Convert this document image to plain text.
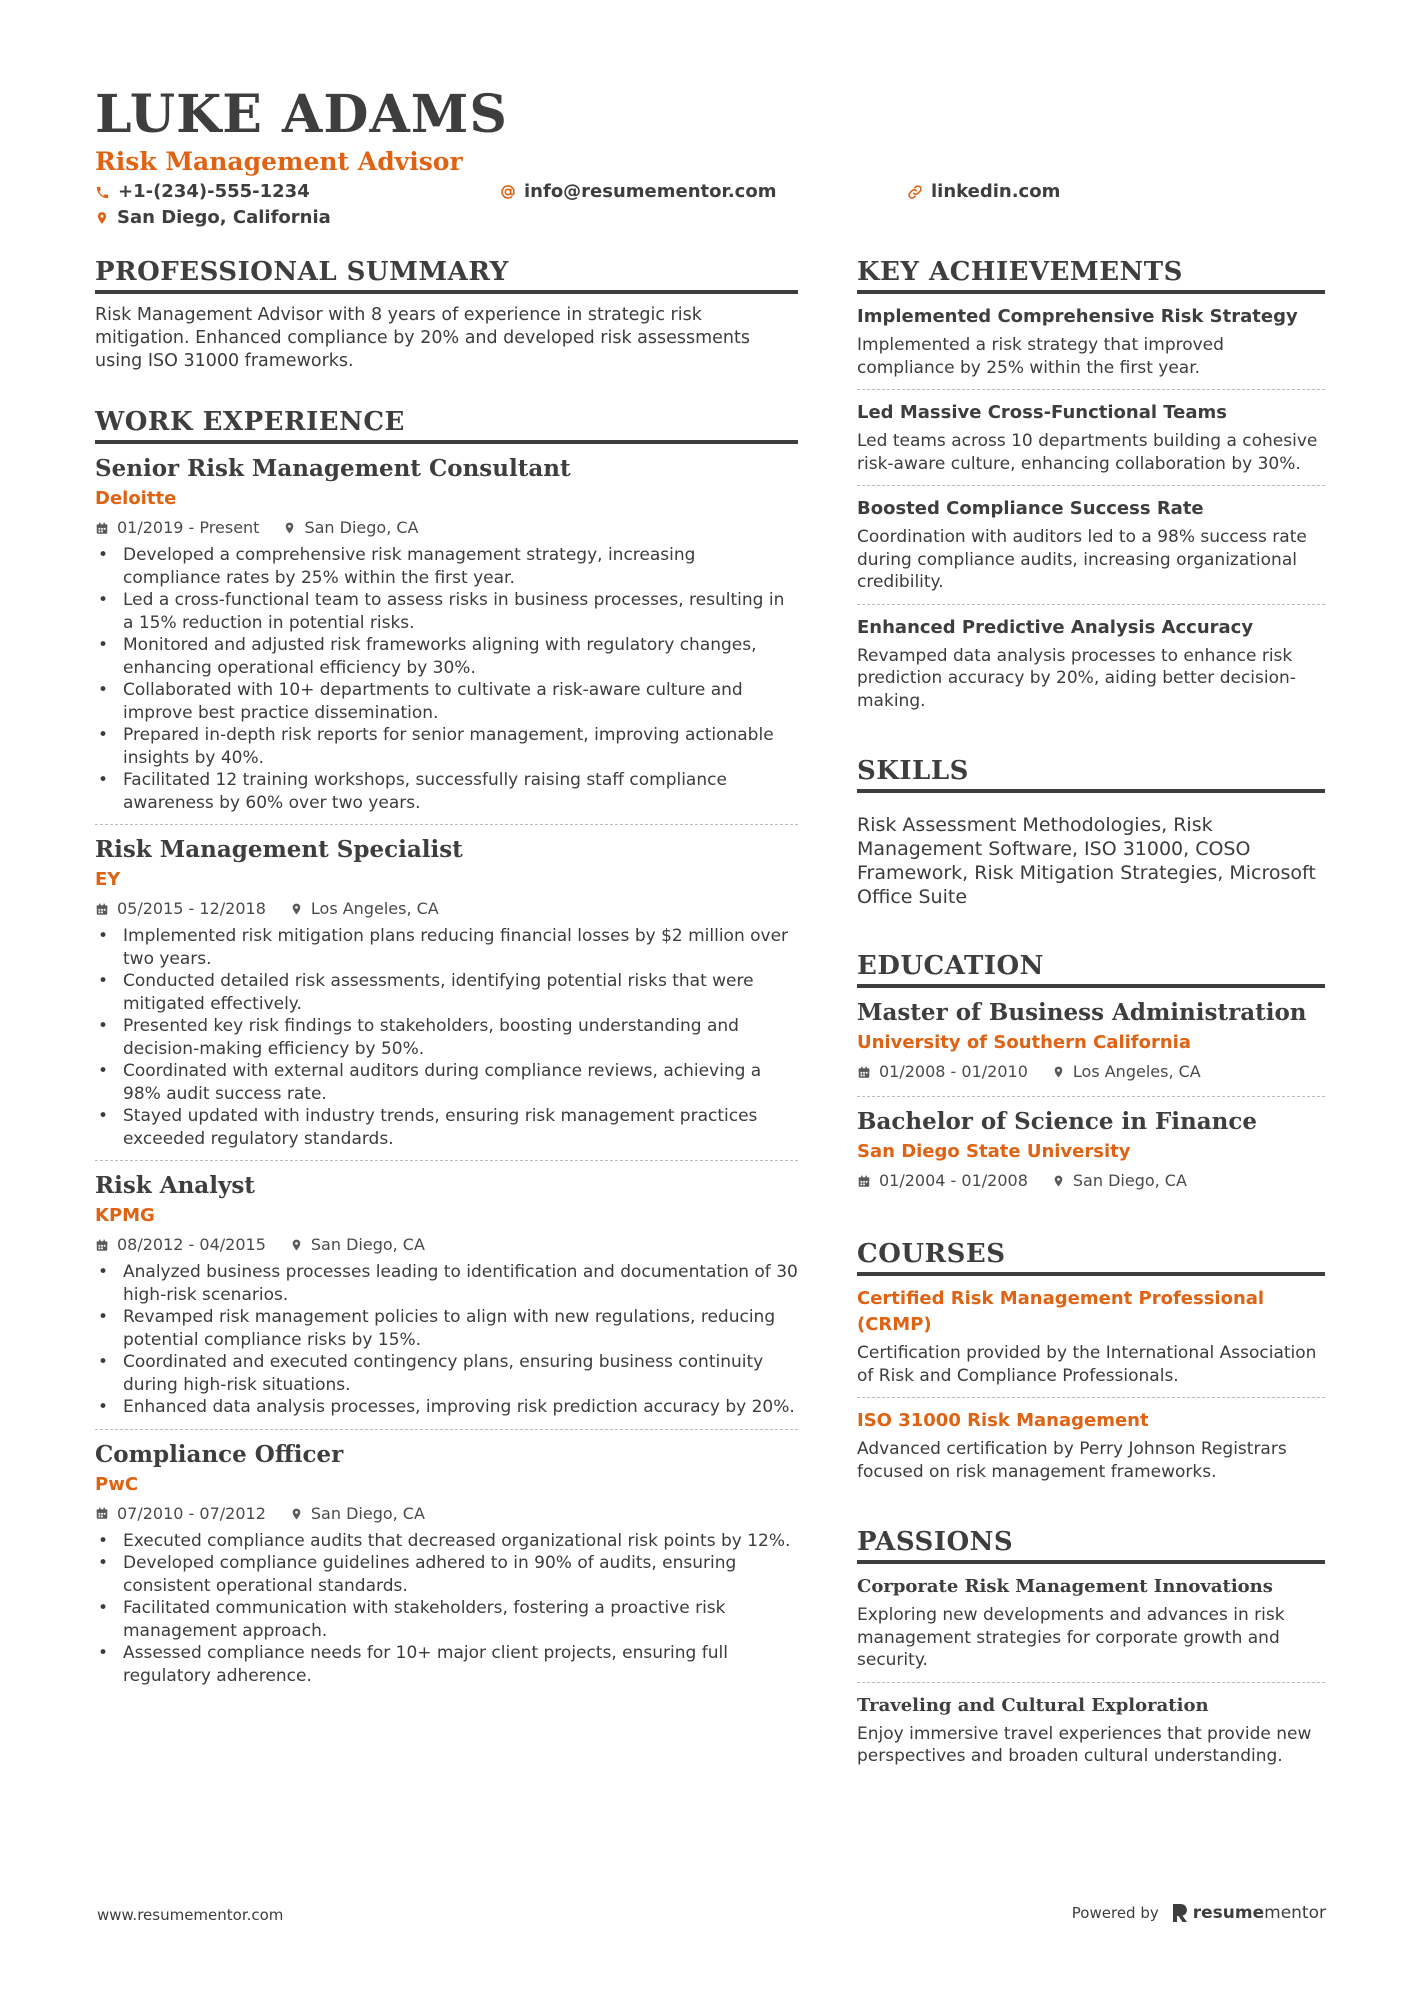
LUKE ADAMS
Risk Management Advisor
+1-(234)-555-1234	info@resumementor.com	linkedin.com
San Diego, California
PROFESSIONAL SUMMARY

Risk Management Advisor with 8 years of experience in strategic risk mitigation. Enhanced compliance by 20% and developed risk assessments using ISO 31000 frameworks.

WORK EXPERIENCE
Senior Risk Management Consultant
Deloitte
01/2019 - Present	San Diego, CA
• Developed a comprehensive risk management strategy, increasing compliance rates by 25% within the first year.
• Led a cross-functional team to assess risks in business processes, resulting in a 15% reduction in potential risks.
• Monitored and adjusted risk frameworks aligning with regulatory changes, enhancing operational efficiency by 30%.
• Collaborated with 10+ departments to cultivate a risk-aware culture and improve best practice dissemination.
• Prepared in-depth risk reports for senior management, improving actionable insights by 40%.
• Facilitated 12 training workshops, successfully raising staff compliance awareness by 60% over two years.
Risk Management Specialist
EY
05/2015 - 12/2018	Los Angeles, CA
• Implemented risk mitigation plans reducing financial losses by $2 million over two years.
• Conducted detailed risk assessments, identifying potential risks that were mitigated effectively.
• Presented key risk findings to stakeholders, boosting understanding and decision-making efficiency by 50%.
• Coordinated with external auditors during compliance reviews, achieving a 98% audit success rate.
• Stayed updated with industry trends, ensuring risk management practices exceeded regulatory standards.
Risk Analyst
KPMG
08/2012 - 04/2015	San Diego, CA
• Analyzed business processes leading to identification and documentation of 30 high-risk scenarios.
• Revamped risk management policies to align with new regulations, reducing potential compliance risks by 15%.
• Coordinated and executed contingency plans, ensuring business continuity during high-risk situations.
• Enhanced data analysis processes, improving risk prediction accuracy by 20%.
Compliance Officer
PwC
07/2010 - 07/2012	San Diego, CA
• Executed compliance audits that decreased organizational risk points by 12%.
• Developed compliance guidelines adhered to in 90% of audits, ensuring consistent operational standards.
• Facilitated communication with stakeholders, fostering a proactive risk management approach.
• Assessed compliance needs for 10+ major client projects, ensuring full regulatory adherence.
KEY ACHIEVEMENTS
Implemented Comprehensive Risk Strategy
Implemented a risk strategy that improved compliance by 25% within the first year.
Led Massive Cross-Functional Teams
Led teams across 10 departments building a cohesive risk-aware culture, enhancing collaboration by 30%.
Boosted Compliance Success Rate
Coordination with auditors led to a 98% success rate during compliance audits, increasing organizational credibility.
Enhanced Predictive Analysis Accuracy
Revamped data analysis processes to enhance risk prediction accuracy by 20%, aiding better decision-making.
SKILLS

Risk Assessment Methodologies, Risk Management Software, ISO 31000, COSO Framework, Risk Mitigation Strategies, Microsoft Office Suite

EDUCATION
Master of Business Administration
University of Southern California
01/2008 - 01/2010	Los Angeles, CA
Bachelor of Science in Finance
San Diego State University
01/2004 - 01/2008	San Diego, CA
COURSES
Certified Risk Management Professional (CRMP)
Certification provided by the International Association of Risk and Compliance Professionals.
ISO 31000 Risk Management
Advanced certification by Perry Johnson Registrars focused on risk management frameworks.
PASSIONS
Corporate Risk Management Innovations
Exploring new developments and advances in risk management strategies for corporate growth and security.
Traveling and Cultural Exploration
Enjoy immersive travel experiences that provide new perspectives and broaden cultural understanding.
www.resumementor.com	Powered by resume mentor
